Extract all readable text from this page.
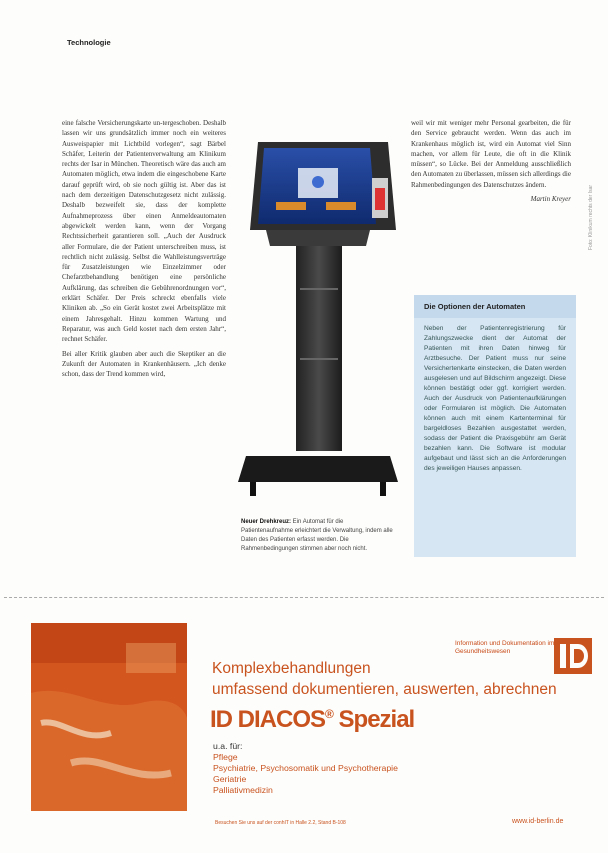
Technologie

eine falsche Versicherungskarte un-tergeschoben. Deshalb lassen wir uns grundsätzlich immer noch ein weiteres Ausweispapier mit Lichtbild vorlegen“, sagt Bärbel Schäfer, Leiterin der Patientenverwaltung am Klinikum rechts der Isar in München. Theoretisch wäre das auch am Automaten möglich, etwa indem die eingeschobene Karte darauf geprüft wird, ob sie noch gültig ist. Aber das ist nach dem derzeitigen Datenschutzgesetz nicht zulässig. Deshalb bezweifelt sie, dass der komplette Aufnahmeprozess über einen Anmeldeautomaten abgewickelt werden kann, wenn der Vorgang Rechtssicherheit garantieren soll. „Auch der Ausdruck aller Formulare, die der Patient unterschreiben muss, ist rechtlich nicht zulässig. Selbst die Wahlleistungsverträge für Zusatzleistungen wie Einzelzimmer oder Chefarztbehandlung benötigen eine persönliche Aufklärung, das schreiben die Gebührenordnungen vor“, erklärt Schäfer. Der Preis schreckt ebenfalls viele Kliniken ab. „So ein Gerät kostet zwei Arbeitsplätze mit einem Jahresgehalt. Hinzu kommen Wartung und Reparatur, was auch Geld kostet nach dem ersten Jahr“, rechnet Schäfer.

Bei aller Kritik glauben aber auch die Skeptiker an die Zukunft der Automaten in Krankenhäusern. „Ich denke schon, dass der Trend kommen wird,

Neuer Drehkreuz: Ein Automat für die Patientenaufnahme erleichtert die Verwaltung, indem alle Daten des Patienten erfasst werden. Die Rahmenbedingungen stimmen aber noch nicht.

weil wir mit weniger mehr Personal gearbeiten, die für den Service gebraucht werden. Wenn das auch im Krankenhaus möglich ist, wird ein Automat viel Sinn machen, vor allem für Leute, die oft in die Klinik müssen“, so Lücke. Bei der Anmeldung ausschließlich den Automaten zu überlassen, müssen sich allerdings die Rahmenbedingungen des Datenschutzes ändern.

Martin Kreyer	Foto: Klinikum rechts der Isar
Die Optionen der Automaten
Neben der Patientenregistrierung für Zahlungszwecke dient der Automat der Patienten mit ihren Daten hinweg für Arztbesuche. Der Patient muss nur seine Versichertenkarte einstecken, die Daten werden ausgelesen und auf Bildschirm angezeigt. Diese können bestätigt oder ggf. korrigiert werden. Auch der Ausdruck von Patientenaufklärungen oder Formularen ist möglich. Die Automaten können auch mit einem Kartenterminal für bargeldloses Bezahlen ausgestattet werden, sodass der Patient die Praxisgebühr am Gerät bezahlen kann. Die Software ist modular aufgebaut und lässt sich an die Anforderungen des jeweiligen Hauses anpassen.
Information und Dokumentation im Gesundheitswesen
Komplexbehandlungen
umfassend dokumentieren, auswerten, abrechnen
ID DIACOS® Spezial
u.a. für:
Pflege
Psychiatrie, Psychosomatik und Psychotherapie
Geriatrie
Palliativmedizin
Besuchen Sie uns auf der conhIT in Halle 2.2, Stand B-108	www.id-berlin.de
